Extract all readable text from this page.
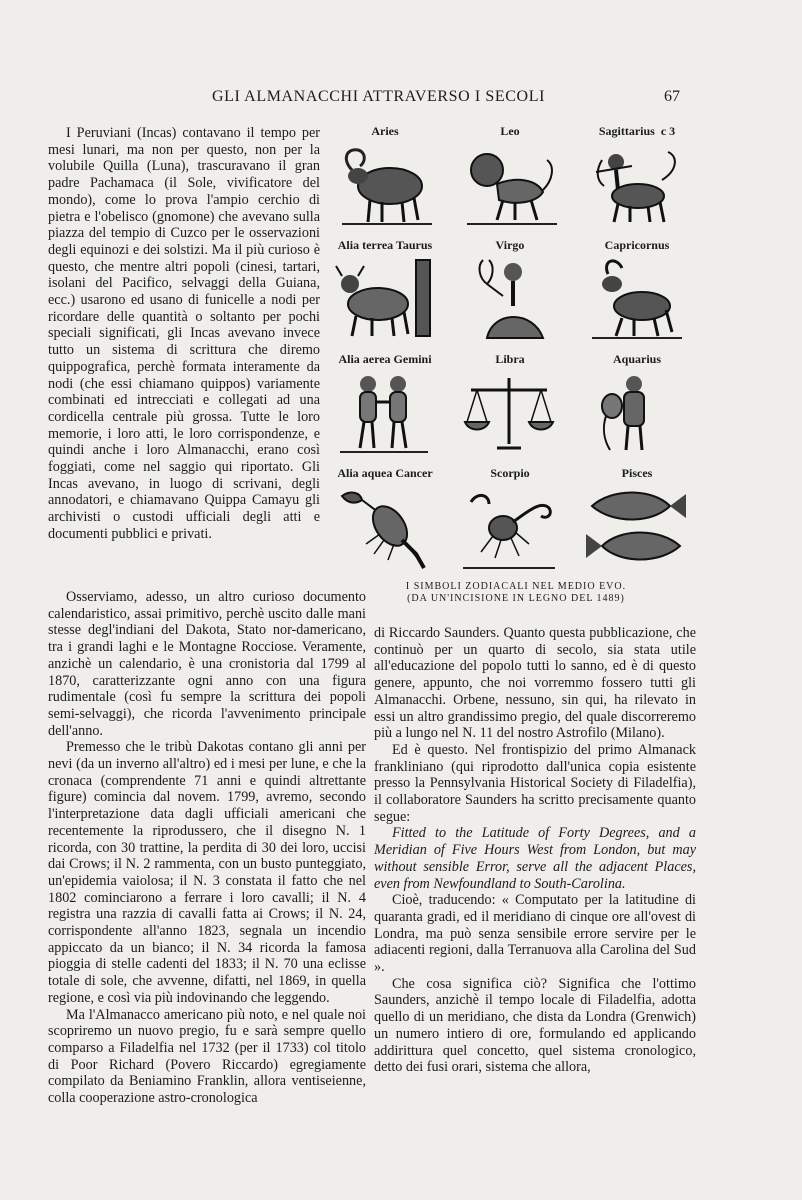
GLI ALMANACCHI ATTRAVERSO I SECOLI	67

I Peruviani (Incas) contavano il tempo per mesi lunari, ma non per questo, non per la volubile Quilla (Luna), trascuravano il gran padre Pachamaca (il Sole, vivificatore del mondo), come lo prova l'ampio cerchio di pietra e l'obelisco (gnomone) che avevano sulla piazza del tempio di Cuzco per le osservazioni degli equinozi e dei solstizi. Ma il più curioso è questo, che mentre altri popoli (cinesi, tartari, isolani del Pacifico, selvaggi della Guiana, ecc.) usarono ed usano di funicelle a nodi per ricordare delle quantità o soltanto per pochi speciali significati, gli Incas avevano invece tutto un sistema di scrittura che diremo quippografica, perchè formata interamente da nodi (che essi chiamano quippos) variamente combinati ed intrecciati e collegati ad una cordicella centrale più grossa. Tutte le loro memorie, i loro atti, le loro corrispondenze, e quindi anche i loro Almanacchi, erano così foggiati, come nel saggio qui riportato. Gli Incas avevano, in luogo di scrivani, degli annodatori, e chiamavano Quippa Camayu gli archivisti o custodi ufficiali degli atti e documenti pubblici e privati.

Aries	Leo	Sagittarius c 3
Alia terrea Taurus	Virgo	Capricornus
Alia aerea Gemini	Libra	Aquarius
Alia aquea Cancer	Scorpio	Pisces
I SIMBOLI ZODIACALI NEL MEDIO EVO.
(DA UN'INCISIONE IN LEGNO DEL 1489)

Osserviamo, adesso, un altro curioso documento calendaristico, assai primitivo, perchè uscito dalle mani stesse degl'indiani del Dakota, Stato nor-damericano, tra i grandi laghi e le Montagne Rocciose. Veramente, anzichè un calendario, è una cronistoria dal 1799 al 1870, caratterizzante ogni anno con una figura rudimentale (così fu sempre la scrittura dei popoli semi-selvaggi), che ricorda l'avvenimento principale dell'anno.

Premesso che le tribù Dakotas contano gli anni per nevi (da un inverno all'altro) ed i mesi per lune, e che la cronaca (comprendente 71 anni e quindi altrettante figure) comincia dal novem. 1799, avremo, secondo l'interpretazione data dagli ufficiali americani che recentemente la riprodussero, che il disegno N. 1 ricorda, con 30 trattine, la perdita di 30 dei loro, uccisi dai Crows; il N. 2 rammenta, con un busto punteggiato, un'epidemia vaiolosa; il N. 3 constata il fatto che nel 1802 cominciarono a ferrare i loro cavalli; il N. 4 registra una razzia di cavalli fatta ai Crows; il N. 24, corrispondente all'anno 1823, segnala un incendio appiccato da un bianco; il N. 34 ricorda la famosa pioggia di stelle cadenti del 1833; il N. 70 una eclisse totale di sole, che avvenne, difatti, nel 1869, in quella regione, e così via più indovinando che leggendo.

Ma l'Almanacco americano più noto, e nel quale noi scopriremo un nuovo pregio, fu e sarà sempre quello comparso a Filadelfia nel 1732 (per il 1733) col titolo di Poor Richard (Povero Riccardo) egregiamente compilato da Beniamino Franklin, allora ventiseienne, colla cooperazione astro-cronologica

di Riccardo Saunders. Quanto questa pubblicazione, che continuò per un quarto di secolo, sia stata utile all'educazione del popolo tutti lo sanno, ed è di questo genere, appunto, che noi vorremmo fossero tutti gli Almanacchi. Orbene, nessuno, sin qui, ha rilevato in essi un altro grandissimo pregio, del quale discorreremo più a lungo nel N. 11 del nostro Astrofilo (Milano).

Ed è questo. Nel frontispizio del primo Almanack frankliniano (qui riprodotto dall'unica copia esistente presso la Pennsylvania Historical Society di Filadelfia), il collaboratore Saunders ha scritto precisamente quanto segue:

Fitted to the Latitude of Forty Degrees, and a Meridian of Five Hours West from London, but may without sensible Error, serve all the adjacent Places, even from Newfoundland to South-Carolina.

Cioè, traducendo: « Computato per la latitudine di quaranta gradi, ed il meridiano di cinque ore all'ovest di Londra, ma può senza sensibile errore servire per le adiacenti regioni, dalla Terranuova alla Carolina del Sud ».

Che cosa significa ciò? Significa che l'ottimo Saunders, anzichè il tempo locale di Filadelfia, adotta quello di un meridiano, che dista da Londra (Grenwich) un numero intiero di ore, formulando ed applicando addirittura quel concetto, quel sistema cronologico, detto dei fusi orari, sistema che allora,
